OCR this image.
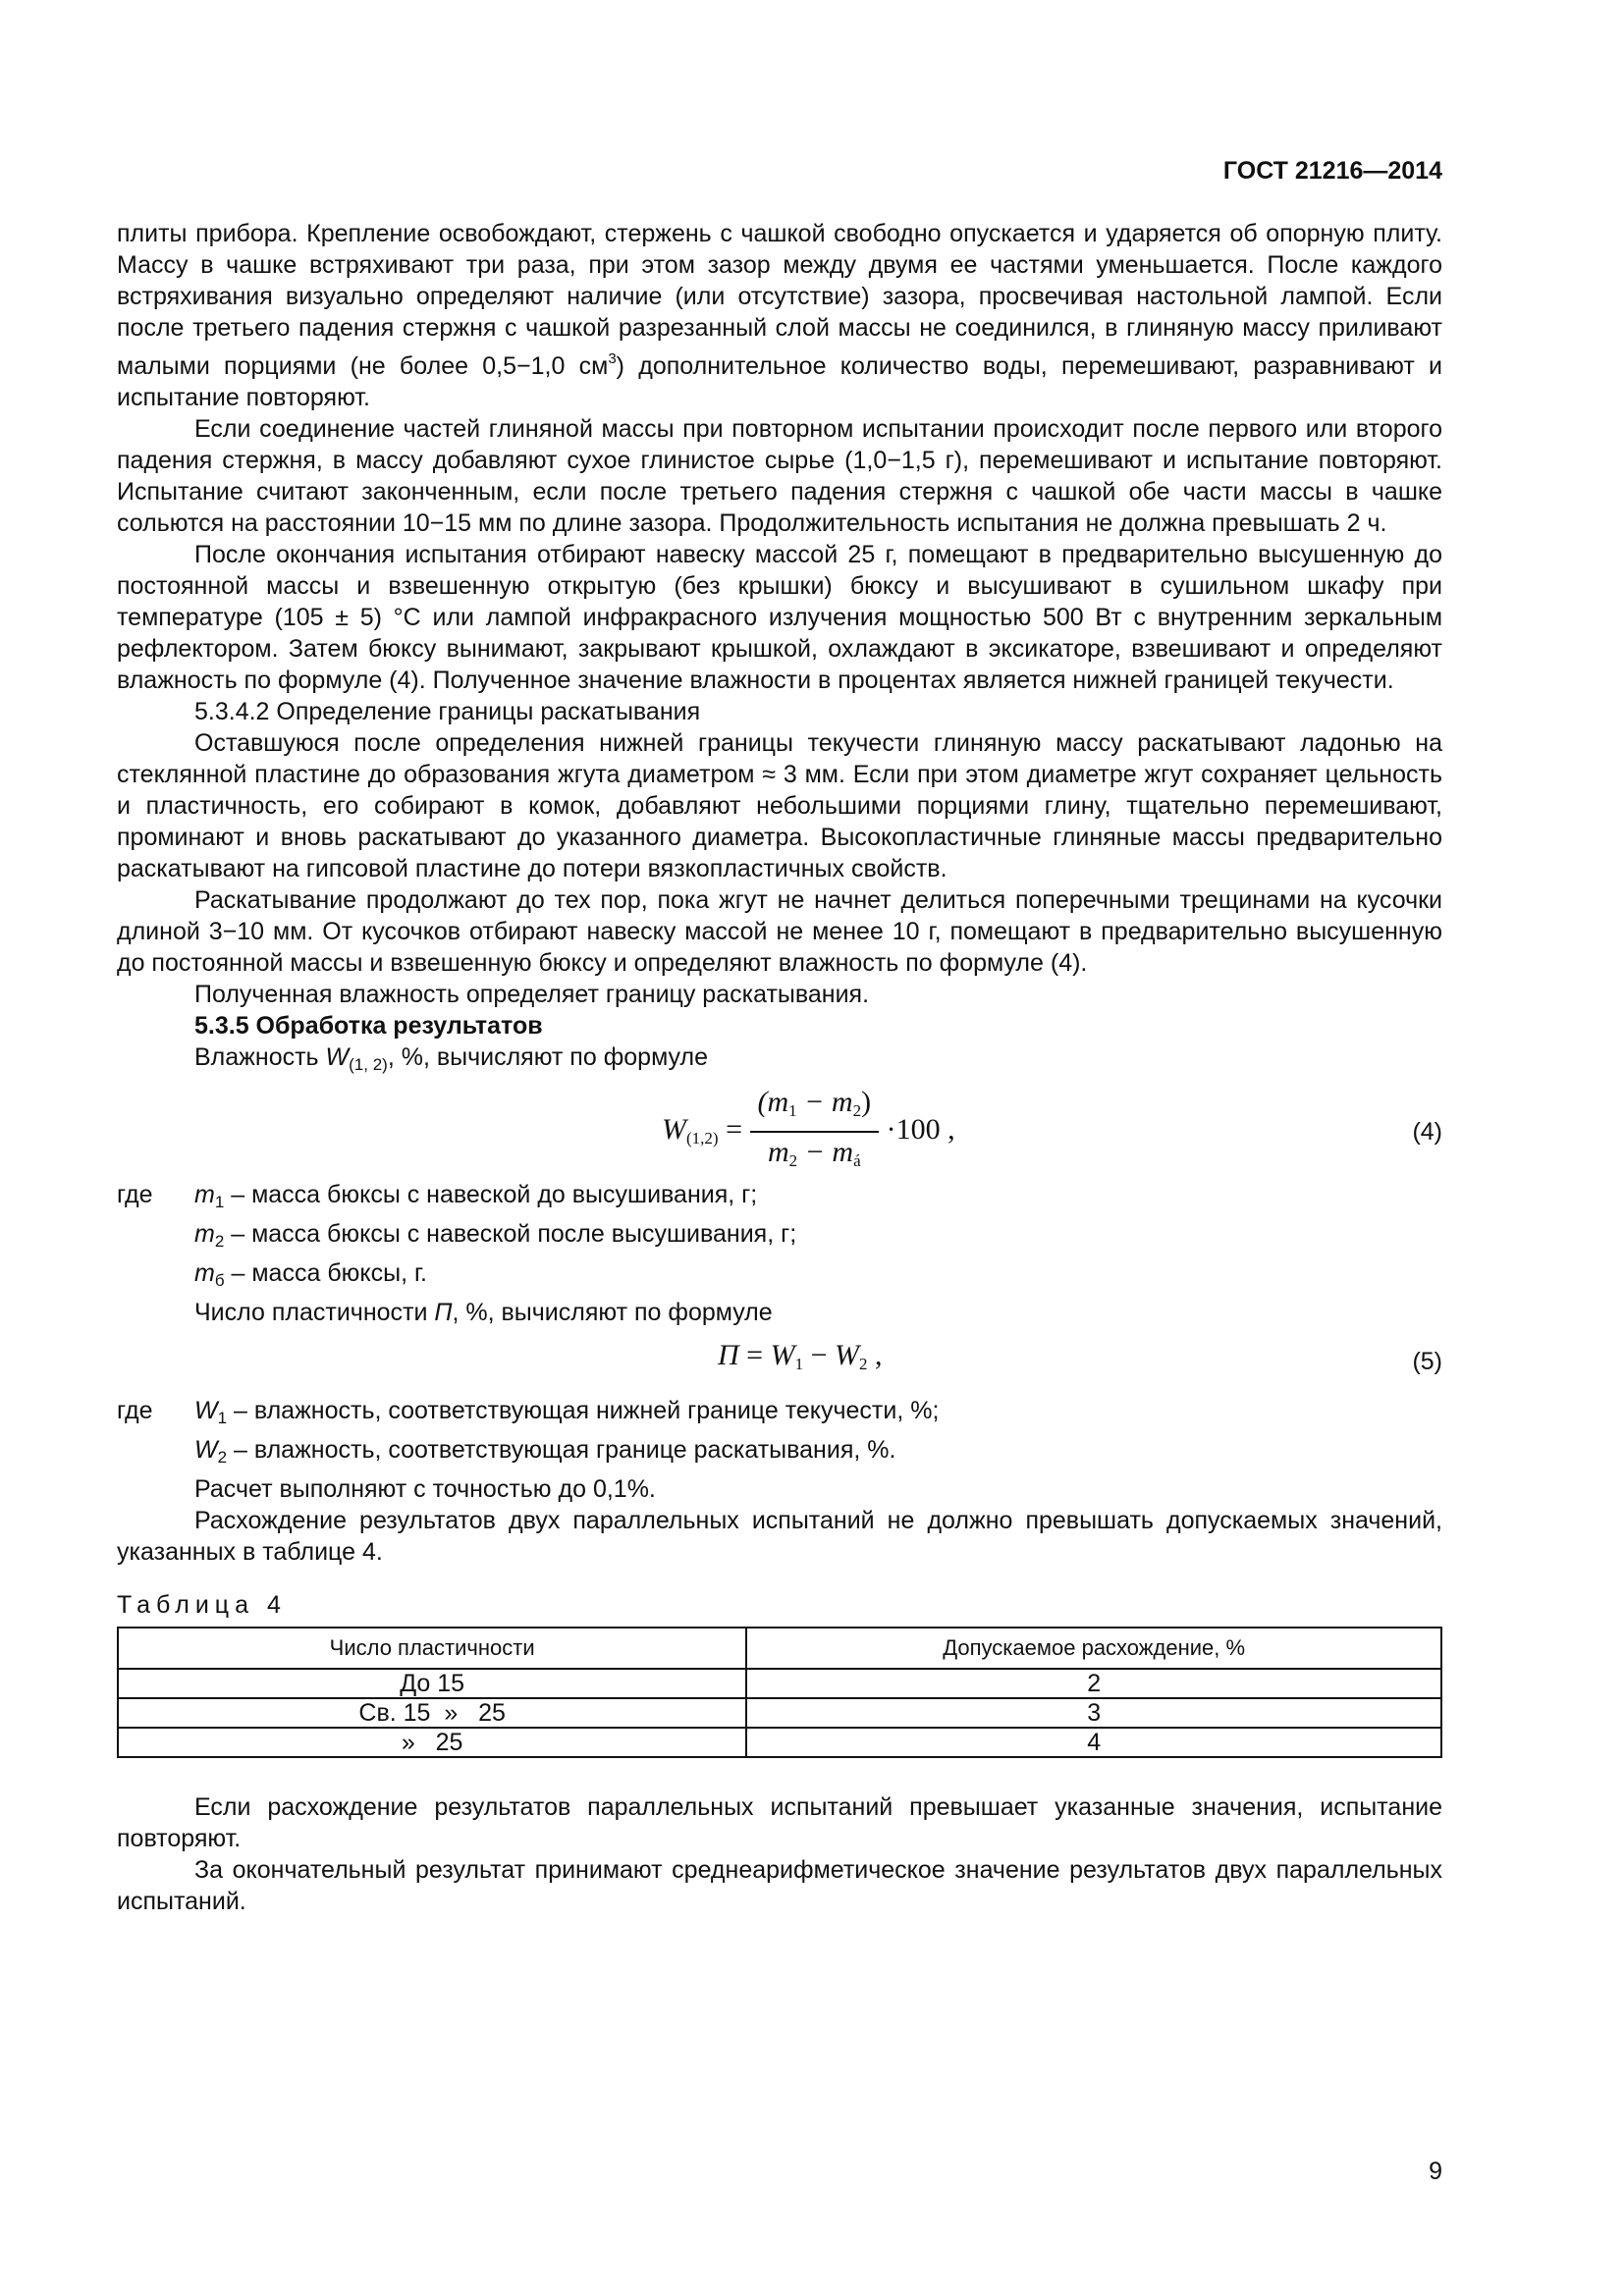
ГОСТ 21216—2014

плиты прибора. Крепление освобождают, стержень с чашкой свободно опускается и ударяется об опорную плиту. Массу в чашке встряхивают три раза, при этом зазор между двумя ее частями уменьшается. После каждого встряхивания визуально определяют наличие (или отсутствие) зазора, просвечивая настольной лампой. Если после третьего падения стержня с чашкой разрезанный слой массы не соединился, в глиняную массу приливают малыми порциями (не более 0,5−1,0 $см^3$) дополнительное количество воды, перемешивают, разравнивают и испытание повторяют.

Если соединение частей глиняной массы при повторном испытании происходит после первого или второго падения стержня, в массу добавляют сухое глинистое сырье (1,0−1,5 г), перемешивают и испытание повторяют. Испытание считают законченным, если после третьего падения стержня с чашкой обе части массы в чашке сольются на расстоянии 10−15 мм по длине зазора. Продолжительность испытания не должна превышать 2 ч.

После окончания испытания отбирают навеску массой 25 г, помещают в предварительно высушенную до постоянной массы и взвешенную открытую (без крышки) бюксу и высушивают в сушильном шкафу при температуре (105 ± 5) °С или лампой инфракрасного излучения мощностью 500 Вт с внутренним зеркальным рефлектором. Затем бюксу вынимают, закрывают крышкой, охлаждают в эксикаторе, взвешивают и определяют влажность по формуле (4). Полученное значение влажности в процентах является нижней границей текучести.

5.3.4.2 Определение границы раскатывания

Оставшуюся после определения нижней границы текучести глиняную массу раскатывают ладонью на стеклянной пластине до образования жгута диаметром ≈ 3 мм. Если при этом диаметре жгут сохраняет цельность и пластичность, его собирают в комок, добавляют небольшими порциями глину, тщательно перемешивают, проминают и вновь раскатывают до указанного диаметра. Высокопластичные глиняные массы предварительно раскатывают на гипсовой пластине до потери вязкопластичных свойств.

Раскатывание продолжают до тех пор, пока жгут не начнет делиться поперечными трещинами на кусочки длиной 3−10 мм. От кусочков отбирают навеску массой не менее 10 г, помещают в предварительно высушенную до постоянной массы и взвешенную бюксу и определяют влажность по формуле (4).

Полученная влажность определяет границу раскатывания.

5.3.5 Обработка результатов

Влажность $W_{(1, 2)}$, %, вычисляют по формуле

$W_{(1,2)} = \frac{(m_1 - m_2)}{m_2 - m_á} \cdot 100$ ,	(4)
где	$m_1$ – масса бюксы с навеской до высушивания, г;
$m_2$ – масса бюксы с навеской после высушивания, г;
$m_б$ – масса бюксы, г.

Число пластичности П, %, вычисляют по формуле

$П = W_1 - W_2$ ,	(5)
где	$W_1$ – влажность, соответствующая нижней границе текучести, %;
$W_2$ – влажность, соответствующая границе раскатывания, %.

Расчет выполняют с точностью до 0,1%.

Расхождение результатов двух параллельных испытаний не должно превышать допускаемых значений, указанных в таблице 4.

Таблица 4
Число пластичности	Допускаемое расхождение, %
До 15	2
Св. 15  »   25	3
»   25	4

Если расхождение результатов параллельных испытаний превышает указанные значения, испытание повторяют.

За окончательный результат принимают среднеарифметическое значение результатов двух параллельных испытаний.

9
